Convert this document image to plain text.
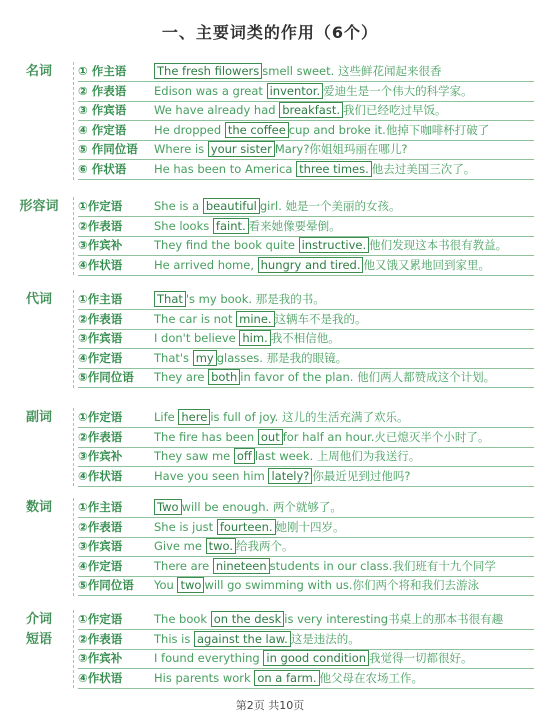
一、主要词类的作用（6个）
名词	① 作主语	The fresh filowers smell sweet. 这些鲜花闻起来很香
② 作表语	Edison was a great inventor. 爱迪生是一个伟大的科学家。
③ 作宾语	We have already had breakfast. 我们已经吃过早饭。
④ 作定语	He dropped the coffee cup and broke it.他掉下咖啡杯打破了
⑤ 作同位语	Where is your sister Mary?你姐姐玛丽在哪儿?
⑥ 作状语	He has been to America three times. 他去过美国三次了。
形容词	①作定语	She is a beautiful girl. 她是一个美丽的女孩。
②作表语	She looks faint. 看来她像要晕倒。
③作宾补	They find the book quite instructive. 他们发现这本书很有教益。
④作状语	He arrived home, hungry and tired. 他又饿又累地回到家里。
代词	①作主语	That 's my book. 那是我的书。
②作表语	The car is not mine. 这辆车不是我的。
③作宾语	I don't believe him. 我不相信他。
④作定语	That's my glasses. 那是我的眼镜。
⑤作同位语	They are both in favor of the plan. 他们两人都赞成这个计划。
副词	①作定语	Life here is full of joy. 这儿的生活充满了欢乐。
②作表语	The fire has been out for half an hour.火已熄灭半个小时了。
③作宾补	They saw me off last week. 上周他们为我送行。
④作状语	Have you seen him lately? 你最近见到过他吗?
数词	①作主语	Two will be enough. 两个就够了。
②作表语	She is just fourteen. 她刚十四岁。
③作宾语	Give me two. 给我两个。
④作定语	There are nineteen students in our class.我们班有十九个同学
⑤作同位语	You two will go swimming with us.你们两个将和我们去游泳
介词
短语
①作定语	The book on the desk is very interesting书桌上的那本书很有趣
②作表语	This is against the law. 这是违法的。
③作宾补	I found everything in good condition 我觉得一切都很好。
④作状语	His parents work on a farm. 他父母在农场工作。
第2页 共10页
